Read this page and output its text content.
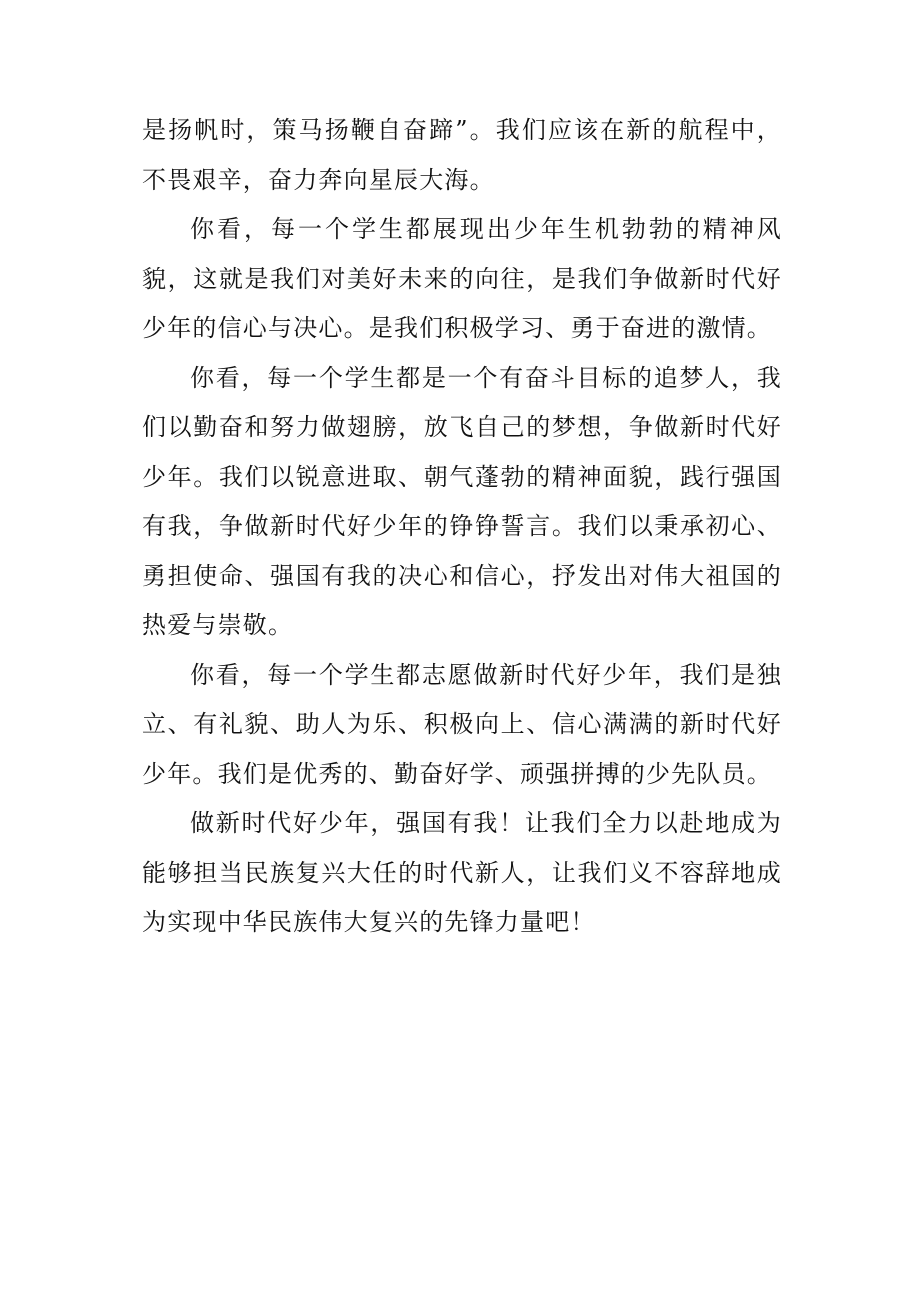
是扬帆时，策马扬鞭自奋蹄”。我们应该在新的航程中，不畏艰辛，奋力奔向星辰大海。

你看，每一个学生都展现出少年生机勃勃的精神风貌，这就是我们对美好未来的向往，是我们争做新时代好少年的信心与决心。是我们积极学习、勇于奋进的激情。

你看，每一个学生都是一个有奋斗目标的追梦人，我们以勤奋和努力做翅膀，放飞自己的梦想，争做新时代好少年。我们以锐意进取、朝气蓬勃的精神面貌，践行强国有我，争做新时代好少年的铮铮誓言。我们以秉承初心、勇担使命、强国有我的决心和信心，抒发出对伟大祖国的热爱与崇敬。

你看，每一个学生都志愿做新时代好少年，我们是独立、有礼貌、助人为乐、积极向上、信心满满的新时代好少年。我们是优秀的、勤奋好学、顽强拼搏的少先队员。

做新时代好少年，强国有我！让我们全力以赴地成为能够担当民族复兴大任的时代新人，让我们义不容辞地成为实现中华民族伟大复兴的先锋力量吧！
